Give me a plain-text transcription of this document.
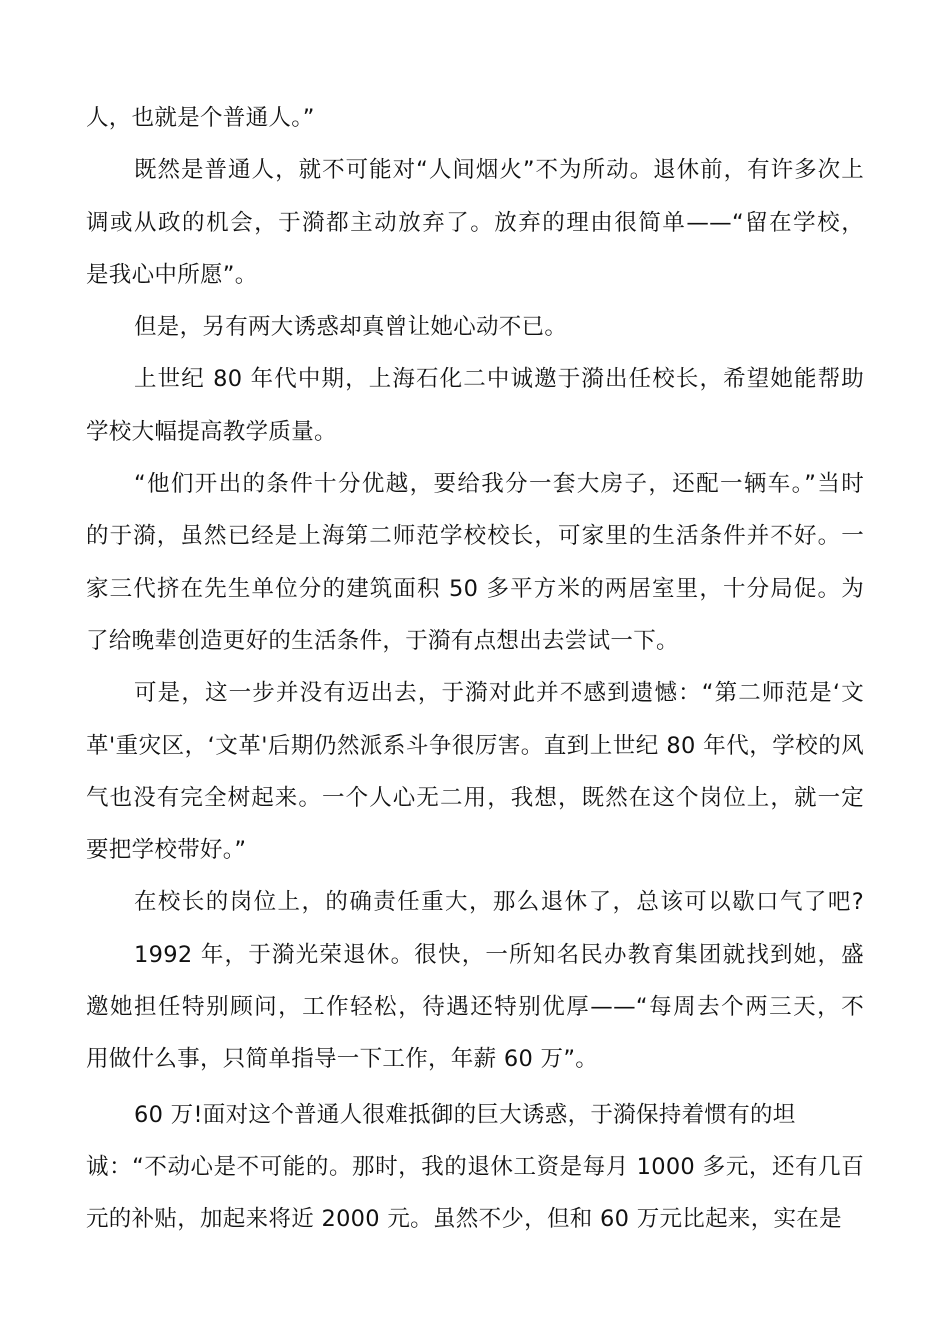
人，也就是个普通人。”
既然是普通人，就不可能对“人间烟火”不为所动。退休前，有许多次上
调或从政的机会，于漪都主动放弃了。放弃的理由很简单——“留在学校，
是我心中所愿”。
但是，另有两大诱惑却真曾让她心动不已。
上世纪 80 年代中期，上海石化二中诚邀于漪出任校长，希望她能帮助
学校大幅提高教学质量。
“他们开出的条件十分优越，要给我分一套大房子，还配一辆车。”当时
的于漪，虽然已经是上海第二师范学校校长，可家里的生活条件并不好。一
家三代挤在先生单位分的建筑面积 50 多平方米的两居室里，十分局促。为
了给晚辈创造更好的生活条件，于漪有点想出去尝试一下。
可是，这一步并没有迈出去，于漪对此并不感到遗憾：“第二师范是‘文
革'重灾区，‘文革'后期仍然派系斗争很厉害。直到上世纪 80 年代，学校的风
气也没有完全树起来。一个人心无二用，我想，既然在这个岗位上，就一定
要把学校带好。”
在校长的岗位上，的确责任重大，那么退休了，总该可以歇口气了吧?
1992 年，于漪光荣退休。很快，一所知名民办教育集团就找到她，盛
邀她担任特别顾问，工作轻松，待遇还特别优厚——“每周去个两三天，不
用做什么事，只简单指导一下工作，年薪 60 万”。
60 万!面对这个普通人很难抵御的巨大诱惑，于漪保持着惯有的坦
诚：“不动心是不可能的。那时，我的退休工资是每月 1000 多元，还有几百
元的补贴，加起来将近 2000 元。虽然不少，但和 60 万元比起来，实在是
